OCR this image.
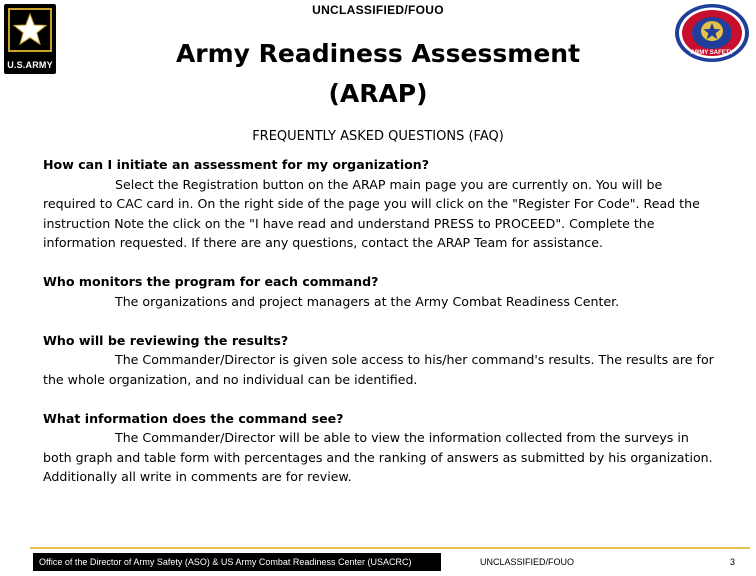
UNCLASSIFIED/FOUO
U.S.ARMY
ARMY SAFETY
Army Readiness Assessment
(ARAP)
FREQUENTLY ASKED QUESTIONS (FAQ)
How can I initiate an assessment for my organization?
Select the Registration button on the ARAP main page you are currently on. You will be required to CAC card in. On the right side of the page you will click on the "Register For Code". Read the instruction Note the click on the "I have read and understand PRESS to PROCEED". Complete the information requested. If there are any questions, contact the ARAP Team for assistance.
Who monitors the program for each command?
The organizations and project managers at the Army Combat Readiness Center.
Who will be reviewing the results?
The Commander/Director is given sole access to his/her command's results. The results are for the whole organization, and no individual can be identified.
What information does the command see?
The Commander/Director will be able to view the information collected from the surveys in both graph and table form with percentages and the ranking of answers as submitted by his organization. Additionally all write in comments are for review.
Office of the Director of Army Safety (ASO) & US Army Combat Readiness Center (USACRC)	UNCLASSIFIED/FOUO	3
